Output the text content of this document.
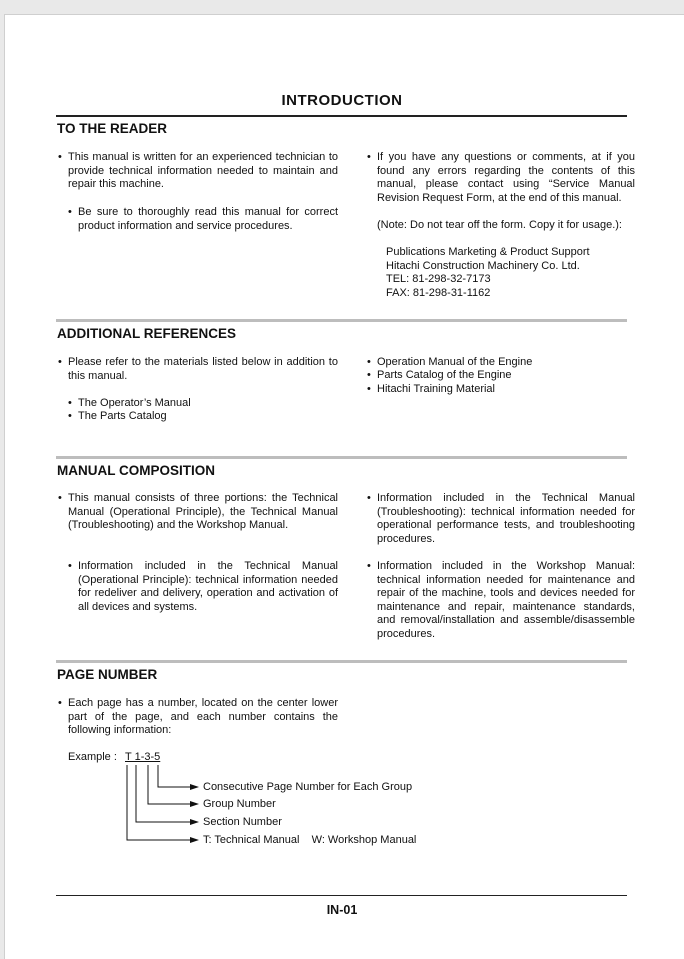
INTRODUCTION
TO THE READER
• This manual is written for an experienced technician to provide technical information needed to maintain and repair this machine.
• Be sure to thoroughly read this manual for correct product information and service procedures.
• If you have any questions or comments, at if you found any errors regarding the contents of this manual, please contact using “Service Manual Revision Request Form, at the end of this manual.
(Note: Do not tear off the form. Copy it for usage.):
Publications Marketing & Product Support
Hitachi Construction Machinery Co. Ltd.
TEL: 81-298-32-7173
FAX: 81-298-31-1162
ADDITIONAL REFERENCES
• Please refer to the materials listed below in addition to this manual.
• The Operator’s Manual
• The Parts Catalog
• Operation Manual of the Engine
• Parts Catalog of the Engine
• Hitachi Training Material
MANUAL COMPOSITION
• This manual consists of three portions: the Technical Manual (Operational Principle), the Technical Manual (Troubleshooting) and the Workshop Manual.
• Information included in the Technical Manual (Operational Principle): technical information needed for redeliver and delivery, operation and activation of all devices and systems.
• Information included in the Technical Manual (Troubleshooting): technical information needed for operational performance tests, and troubleshooting procedures.
• Information included in the Workshop Manual: technical information needed for maintenance and repair of the machine, tools and devices needed for maintenance and repair, maintenance standards, and removal/installation and assemble/disassemble procedures.
PAGE NUMBER
• Each page has a number, located on the center lower part of the page, and each number contains the following information:
Example : T 1-3-5
Consecutive Page Number for Each Group
Group Number
Section Number
T: Technical Manual    W: Workshop Manual
IN-01
